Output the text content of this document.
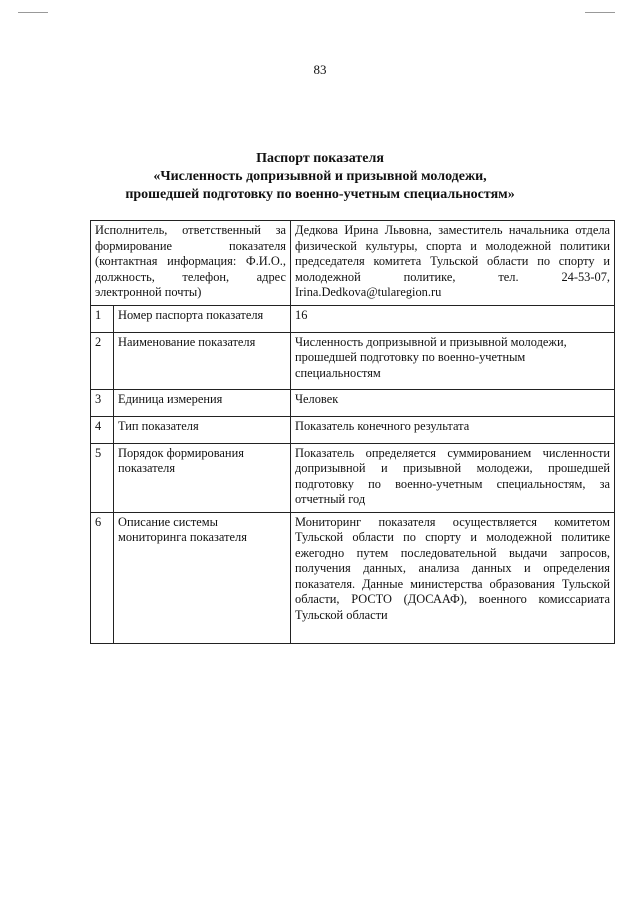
83
Паспорт показателя
«Численность допризывной и призывной молодежи,
прошедшей подготовку по военно-учетным специальностям»
Исполнитель, ответственный за формирование показателя (контактная информация: Ф.И.О., должность, телефон, адрес электронной почты)		Дедкова Ирина Львовна, заместитель начальника отдела физической культуры, спорта и молодежной политики председателя комитета Тульской области по спорту и молодежной политике, тел. 24-53-07, Irina.Dedkova@tularegion.ru
1	Номер паспорта показателя	16
2	Наименование показателя	Численность допризывной и призывной молодежи, прошедшей подготовку по военно-учетным специальностям
3	Единица измерения	Человек
4	Тип показателя	Показатель конечного результата
5	Порядок формирования показателя	Показатель определяется суммированием численности допризывной и призывной молодежи, прошедшей подготовку по военно-учетным специальностям, за отчетный год
6	Описание системы мониторинга показателя	Мониторинг показателя осуществляется комитетом Тульской области по спорту и молодежной политике ежегодно путем последовательной выдачи запросов, получения данных, анализа данных и определения показателя. Данные министерства образования Тульской области, РОСТО (ДОСААФ), военного комиссариата Тульской области
